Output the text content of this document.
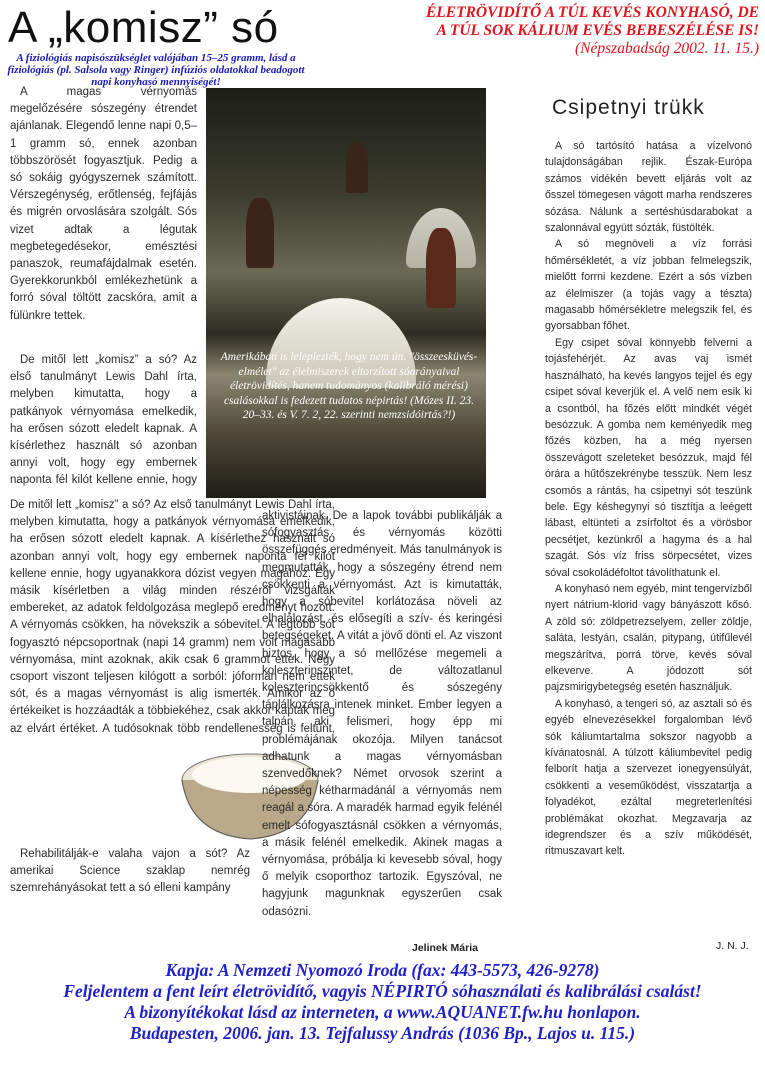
A „komisz” só	ÉLETRÖVIDÍTŐ A TÚL KEVÉS KONYHASÓ, DE
A TÚL SOK KÁLIUM EVÉS BEBESZÉLÉSE IS!
(Népszabadság 2002. 11. 15.)
A fiziológiás napisószükséglet valójában 15–25 gramm, lásd a fiziológiás (pl. Salsola vagy Ringer) infúziós oldatokkal beadogott napi konyhasó mennyiségét!
Amerikában is leleplezték, hogy nem ún. "összeesküvés-elmélet" az élelmiszerek eltorzított sóarányaival életrövidítés, hanem tudományos (kalibráló mérési) csalásokkal is fedezett tudatos népirtás! (Mózes II. 23. 20–33. és V. 7. 2, 22. szerinti nemzsidóirtás?!)

A magas vérnyomás megelőzésére sószegény étrendet ajánlanak. Elegendő lenne napi 0,5–1 gramm só, ennek azonban többszörösét fogyasztjuk. Pedig a só sokáig gyógyszernek számított. Vérszegénység, erőtlenség, fejfájás és migrén orvoslására szolgált. Sós vizet adtak a légutak megbetegedésekor, emésztési panaszok, reumafájdalmak esetén. Gyerekkorunkból emlékezhetünk a forró sóval töltött zacskóra, amit a fülünkre tettek.

De mitől lett „komisz” a só? Az első tanulmányt Lewis Dahl írta, melyben kimutatta, hogy a patkányok vérnyomása emelkedik, ha erősen sózott eledelt kapnak. A kísérlethez használt só azonban annyi volt, hogy egy embernek naponta fél kilót kellene ennie, hogy

De mitől lett „komisz” a só? Az első tanulmányt Lewis Dahl írta, melyben kimutatta, hogy a patkányok vérnyomása emelkedik, ha erősen sózott eledelt kapnak. A kísérlethez használt só azonban annyi volt, hogy egy embernek naponta fél kilót kellene ennie, hogy ugyanakkora dózist vegyen magához. Egy másik kísérletben a világ minden részéről vizsgálták embereket, az adatok feldolgozása meglepő eredményt hozott. A vérnyomás csökken, ha növekszik a sóbevitel. A legtöbb sót fogyasztó népcsoportnak (napi 14 gramm) nem volt magasabb vérnyomása, mint azoknak, akik csak 6 grammot ettek. Négy csoport viszont teljesen kilógott a sorból: jóformán nem ettek sót, és a magas vérnyomást is alig ismerték. Amikor az ő értékeiket is hozzáadták a többiekéhez, csak akkor kapták meg az elvárt értéket. A tudósoknak több rendellenesség is feltűnt,

Rehabilitálják-e valaha vajon a sót? Az amerikai Science szaklap nemrég szemrehányásokat tett a só elleni kampány

aktivistáinak. De a lapok további publikálják a sófogyasztás és vérnyomás közötti összefüggés eredményeit. Más tanulmányok is megmutatták, hogy a sószegény étrend nem csökkenti a vérnyomást. Azt is kimutatták, hogy a sóbevitel korlátozása növeli az elhalálozást, és elősegíti a szív- és keringési betegségeket. A vitát a jövő dönti el. Az viszont biztos, hogy a só mellőzése megemeli a koleszterinszintet, de változatlanul koleszterincsökkentő és sószegény táplálkozásra intenek minket. Ember legyen a talpán, aki felismeri, hogy épp mi problémájának okozója. Milyen tanácsot adhatunk a magas vérnyomásban szenvedőknek? Német orvosok szerint a népesség kétharmadánál a vérnyomás nem reagál a sóra. A maradék harmad egyik felénél emelt sófogyasztásnál csökken a vérnyomás, a másik felénél emelkedik. Akinek magas a vérnyomása, próbálja ki kevesebb sóval, hogy ő melyik csoporthoz tartozik. Egyszóval, ne hagyjunk magunknak egyszerűen csak odasózni.

Jelinek Mária
Csipetnyi trükk

A só tartósító hatása a vízelvonó tulajdonságában rejlik. Észak-Európa számos vidékén bevett eljárás volt az ősszel tömegesen vágott marha rendszeres sózása. Nálunk a sertéshúsdarabokat a szalonnával együtt sózták, füstölték.

A só megnöveli a víz forrási hőmérsékletét, a víz jobban felmelegszik, mielőtt forrni kezdene. Ezért a sós vízben az élelmiszer (a tojás vagy a tészta) magasabb hőmérsékletre melegszik fel, és gyorsabban főhet.

Egy csipet sóval könnyebb felverni a tojásfehérjét. Az avas vaj ismét használható, ha kevés langyos tejjel és egy csipet sóval keverjük el. A velő nem esik ki a csontból, ha főzés előtt mindkét végét besózzuk. A gomba nem keményedik meg főzés közben, ha a még nyersen összevágott szeleteket besózzuk, majd fél órára a hűtőszekrénybe tesszük. Nem lesz csomós a rántás, ha csipetnyi sót teszünk bele. Egy késhegynyi só tisztítja a leégett lábast, eltünteti a zsírfoltot és a vörösbor pecsétjet, kezünkről a hagyma és a hal szagát. Sós víz friss sörpecsétet, vizes sóval csokoládéfoltot távolíthatunk el.

A konyhasó nem egyéb, mint tengervízből nyert nátrium-klorid vagy bányászott kősó. A zöld só: zöldpetrezselyem, zeller zöldje, saláta, lestyán, csalán, pitypang, útifűlevél megszárítva, porrá törve, kevés sóval elkeverve. A jódozott sót pajzsmirigybetegség esetén használjuk.

A konyhasó, a tengeri só, az asztali só és egyéb elnevezésekkel forgalomban lévő sók káliumtartalma sokszor nagyobb a kívánatosnál. A túlzott káliumbevitel pedig felborít hatja a szervezet ionegyensúlyát, csökkenti a veseműködést, visszatartja a folyadékot, ezáltal megreterlenítési problémákat okozhat. Megzavarja az idegrendszer és a szív működését, ritmuszavart kelt.

J. N. J.
Kapja: A Nemzeti Nyomozó Iroda (fax: 443-5573, 426-9278)
Feljelentem a fent leírt életrövidítő, vagyis NÉPIRTÓ sóhasználati és kalibrálási csalást!
A bizonyítékokat lásd az interneten, a www.AQUANET.fw.hu honlapon.
Budapesten, 2006. jan. 13. Tejfalussy András (1036 Bp., Lajos u. 115.)
